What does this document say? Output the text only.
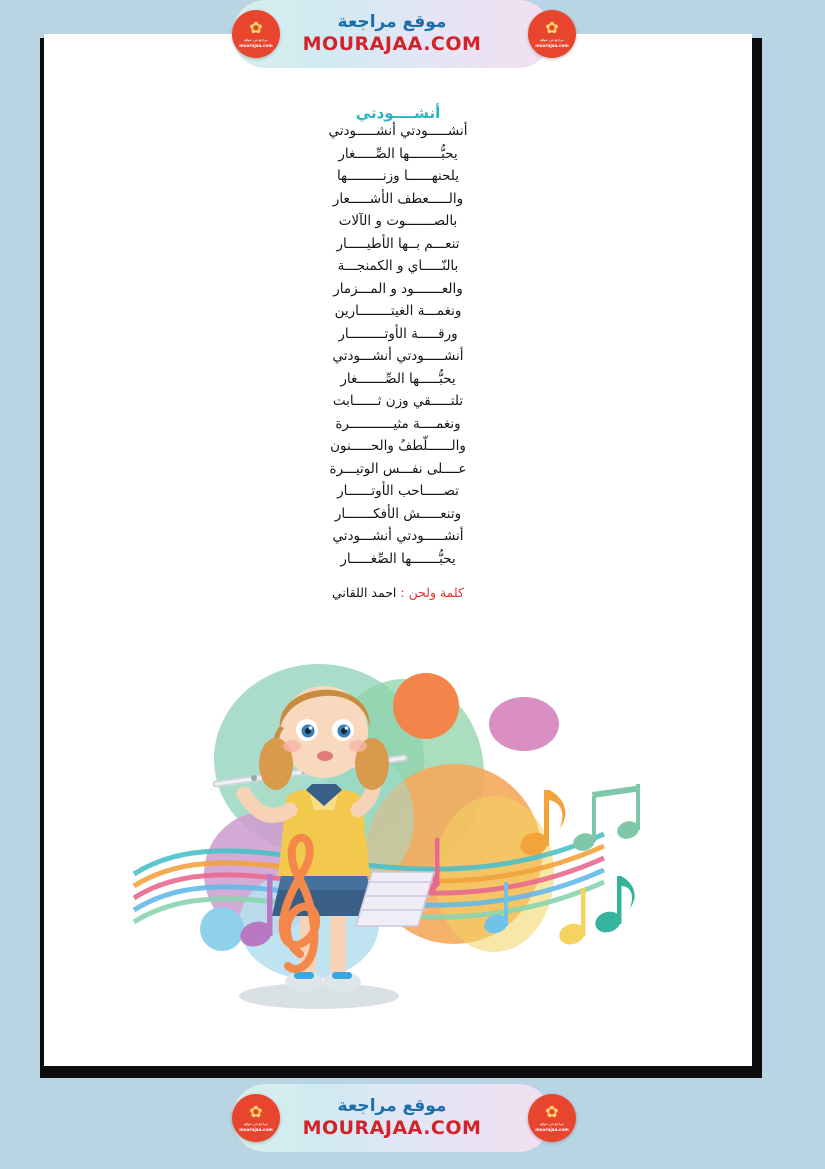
أنشــــودتي
أنشـــــودتي أنشـــــودتي
يحبُّــــــــها الصِّـــــغار
يلحنهــــــا وزنـــــــــها
والـــــعطف الأشـــــعار
بالصـــــــوت و الآلات
تنعـــم بــها الأطيـــــار
بالنّـــــاي و الكمنجـــة
والعـــــــود و المـــزمار
ونغمـــة الغيتــــــــارين
ورقـــــة الأوتـــــــــار
أنشـــــودتي أنشـــودتي
يحبُّـــــها الصِّـــــــغار
تلتـــــقي وزن ثــــــابت
ونغمــــة مثيـــــــــــرة
والــــــلّطفُ والحـــــنون
عــــلى نفـــس الوتيـــرة
تصـــــاحب الأوتــــــار
وتنعـــــش الأفكـــــــار
أنشـــــودتي أنشـــودتي
يحبُّـــــــها الصِّغـــــار
كلمة ولحن : احمد اللقاني
موقع مراجعة
MOURAJAA.COM
✿
مراجع من موقع
mourajaa.com
✿
مراجع من موقع
mourajaa.com
موقع مراجعة
MOURAJAA.COM
✿
مراجع من موقع
mourajaa.com
✿
مراجع من موقع
mourajaa.com
